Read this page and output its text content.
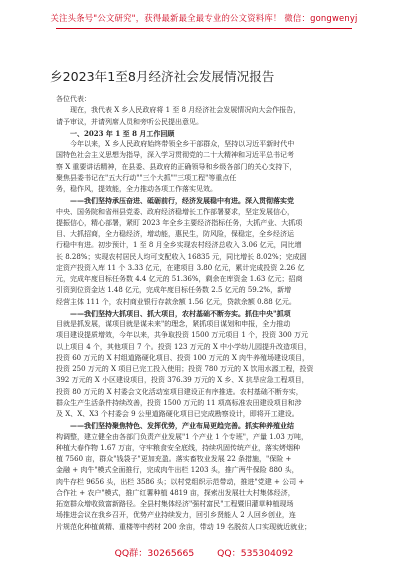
关注头条号"公文研究"，获得最新最全最专业的公文资料库！ 微信：gongwenyj
乡2023年1至8月经济社会发展情况报告

各位代表：

现在，我代表 X 乡人民政府将 1 至 8 月经济社会发展情况向大会作报告，

请予审议，并请列席人员和旁听公民提出意见。

一、2023 年 1 至 8 月工作回顾

今年以来，X 乡人民政府始终带领全乡干部群众，坚持以习近平新时代中

国特色社会主义思想为指导，深入学习贯彻党的二十大精神和习近平总书记考

察 X 重要讲话精神，在县委、县政府的正确领导和乡级各部门的关心支持下，

聚焦县委书记在"五大行动""三个大抓""三项工程"等重点任

务，稳作风，提效能，全力推动各项工作落实见效。

——我们坚持承压奋进、砥砺前行，经济发展稳中有进。深入贯彻落实党

中央、国务院和省州县党委、政府经济稳增长工作部署要求，坚定发展信心，

提振信心，精心部署，紧盯 2023 年全乡主要经济指标任务，大抓产业、大抓项

目、大抓招商，全力稳经济，增动能，惠民生，防风险，保稳定，全乡经济运

行稳中有进。初步预计，1 至 8 月全乡实现农村经济总收入 3.06 亿元，同比增

长 8.28%；实现农村居民人均可支配收入 16835 元，同比增长 8.02%；完成固

定资产投资入库 11 个 3.33 亿元，在建项目 3.80 亿元，累计完成投资 2.26 亿

元，完成年度目标任务数 4.4 亿元的 51.36%，剩余在库资金 1.63 亿元；招商

引资到位资金达 1.48 亿元，完成年度目标任务数 2.5 亿元的 59.2%，新增

经营主体 111 个，农村商业银行存款余额 1.56 亿元，贷款余额 0.88 亿元。

——我们坚持大抓项目、抓大项目，农村基础不断夯实。抓住中央"抓项

目就是抓发展，谋项目就是谋未来"的理念，紧抓项目谋划和申报，全力推动

项目建设提质增效，今年以来，共争取投资 1500 万元项目 1 个，投资 300 万元

以上项目 4 个，其他项目 7 个。投资 123 万元的 X 中小学幼儿园提升改造项目，

投资 60 万元的 X 村组道路硬化项目、投资 100 万元的 X 肉牛养殖场建设项目，

投资 250 万元的 X 项目已完工投入使用；投资 780 万元的 X 饮用水源工程，投资

392 万元的 X 小区建设项目，投资 376.39 万元的 X 乡、X 抗旱应急工程项目，

投资 80 万元的 X 村委会文化活动室项目建设正有序推进。农村基础不断夯实，

群众生产生活条件持续改善，投资 1500 万元的 11 项高标准农田建设项目和涉

及 X、X、X3 个村委会 9 公里道路硬化项目已完成勘察设计，即将开工建设。

——我们坚持聚焦特色、发挥优势，产业布局更趋完善。抓实种养殖业结

构调整，建立健全由各部门负责产业发展"1 个产业 1 个专班"，产量 1.03 万吨，

种植大春作物 1.67 万亩，守牢粮食安全底线，持续巩固传统产业，落实烤烟种

植 7560 亩，群众"钱袋子"更加充盈。落实畜牧业发展 22 条措施，"保险 +

金融 + 肉牛"模式全面推行，完成肉牛出栏 1203 头，推广两牛保险 880 头，

肉牛存栏 9656 头，出栏 3586 头；以村党组织示范带动，推进"党建 + 公司 +

合作社 + 农户"模式，推广红薯种植 4819 亩，探索出发展壮大村集体经济，

拓宽群众增收致富新路径。全县村集体经济"强村富民"工程暨旧灌草种植现场

场推进会议在我乡召开，优势产业持续发力，回引乡贤能人 2 人回乡创业，连

片规范化种植黄精、重楼等中药材 200 余亩，带动 19 名脱贫人口实现就近就业；

QQ群：30265665 QQ：535304092
